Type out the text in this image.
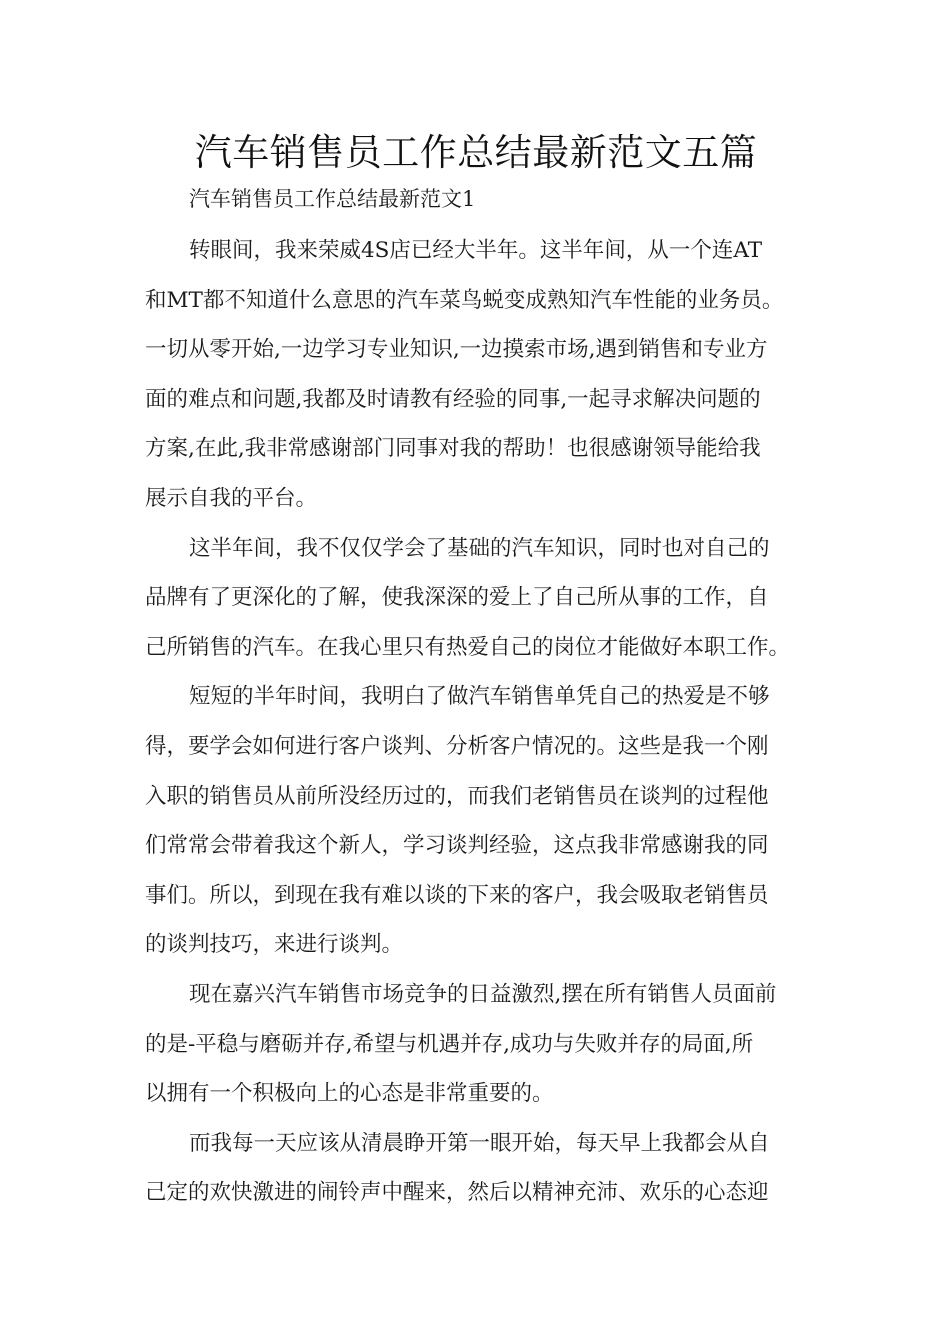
汽车销售员工作总结最新范文五篇
汽车销售员工作总结最新范文1
转眼间，我来荣威4S店已经大半年。这半年间，从一个连AT
和MT都不知道什么意思的汽车菜鸟蜕变成熟知汽车性能的业务员。
一切从零开始,一边学习专业知识,一边摸索市场,遇到销售和专业方
面的难点和问题,我都及时请教有经验的同事,一起寻求解决问题的
方案,在此,我非常感谢部门同事对我的帮助！也很感谢领导能给我
展示自我的平台。
这半年间，我不仅仅学会了基础的汽车知识，同时也对自己的
品牌有了更深化的了解，使我深深的爱上了自己所从事的工作，自
己所销售的汽车。在我心里只有热爱自己的岗位才能做好本职工作。
短短的半年时间，我明白了做汽车销售单凭自己的热爱是不够
得，要学会如何进行客户谈判、分析客户情况的。这些是我一个刚
入职的销售员从前所没经历过的，而我们老销售员在谈判的过程他
们常常会带着我这个新人，学习谈判经验，这点我非常感谢我的同
事们。所以，到现在我有难以谈的下来的客户，我会吸取老销售员
的谈判技巧，来进行谈判。
现在嘉兴汽车销售市场竞争的日益激烈,摆在所有销售人员面前
的是-平稳与磨砺并存,希望与机遇并存,成功与失败并存的局面,所
以拥有一个积极向上的心态是非常重要的。
而我每一天应该从清晨睁开第一眼开始，每天早上我都会从自
己定的欢快激进的闹铃声中醒来，然后以精神充沛、欢乐的心态迎
